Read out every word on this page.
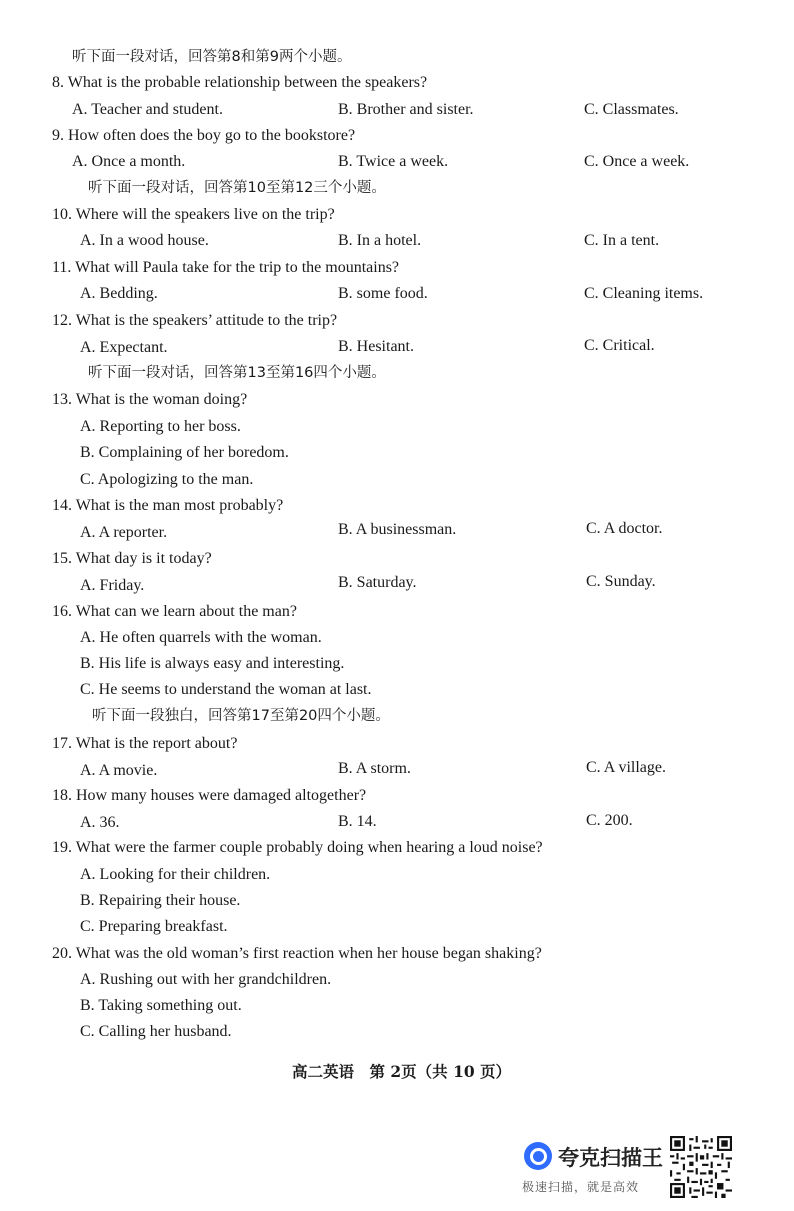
听下面一段对话，回答第8和第9两个小题。
8. What is the probable relationship between the speakers?
A. Teacher and student.	B. Brother and sister.	C. Classmates.
9. How often does the boy go to the bookstore?
A. Once a month.	B. Twice a week.	C. Once a week.
听下面一段对话，回答第10至第12三个小题。
10. Where will the speakers live on the trip?
A. In a wood house.	B. In a hotel.	C. In a tent.
11. What will Paula take for the trip to the mountains?
A. Bedding.	B. some food.	C. Cleaning items.
12. What is the speakers’ attitude to the trip?
A. Expectant.	B. Hesitant.	C. Critical.
听下面一段对话，回答第13至第16四个小题。
13. What is the woman doing?
A. Reporting to her boss.
B. Complaining of her boredom.
C. Apologizing to the man.
14. What is the man most probably?
A. A reporter.	B. A businessman.	C. A doctor.
15. What day is it today?
A. Friday.	B. Saturday.	C. Sunday.
16. What can we learn about the man?
A. He often quarrels with the woman.
B. His life is always easy and interesting.
C. He seems to understand the woman at last.
听下面一段独白，回答第17至第20四个小题。
17. What is the report about?
A. A movie.	B. A storm.	C. A village.
18. How many houses were damaged altogether?
A. 36.	B. 14.	C. 200.
19. What were the farmer couple probably doing when hearing a loud noise?
A. Looking for their children.
B. Repairing their house.
C. Preparing breakfast.
20. What was the old woman’s first reaction when her house began shaking?
A. Rushing out with her grandchildren.
B. Taking something out.
C. Calling her husband.
高二英语　第 2页（共 10 页）
夸克扫描王
极速扫描，就是高效
